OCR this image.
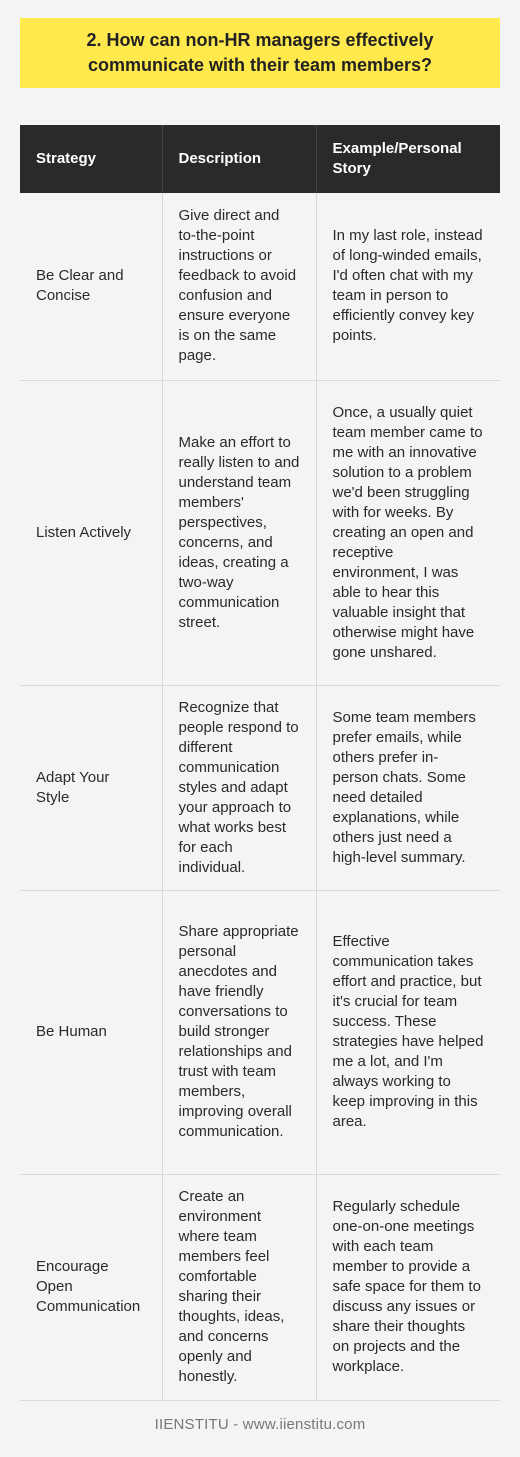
2. How can non-HR managers effectively communicate with their team members?
Strategy	Description	Example/Personal Story
Be Clear and Concise	Give direct and to-the-point instructions or feedback to avoid confusion and ensure everyone is on the same page.	In my last role, instead of long-winded emails, I'd often chat with my team in person to efficiently convey key points.
Listen Actively	Make an effort to really listen to and understand team members' perspectives, concerns, and ideas, creating a two-way communication street.	Once, a usually quiet team member came to me with an innovative solution to a problem we'd been struggling with for weeks. By creating an open and receptive environment, I was able to hear this valuable insight that otherwise might have gone unshared.
Adapt Your Style	Recognize that people respond to different communication styles and adapt your approach to what works best for each individual.	Some team members prefer emails, while others prefer in-person chats. Some need detailed explanations, while others just need a high-level summary.
Be Human	Share appropriate personal anecdotes and have friendly conversations to build stronger relationships and trust with team members, improving overall communication.	Effective communication takes effort and practice, but it's crucial for team success. These strategies have helped me a lot, and I'm always working to keep improving in this area.
Encourage Open Communication	Create an environment where team members feel comfortable sharing their thoughts, ideas, and concerns openly and honestly.	Regularly schedule one-on-one meetings with each team member to provide a safe space for them to discuss any issues or share their thoughts on projects and the workplace.
IIENSTITU - www.iienstitu.com
